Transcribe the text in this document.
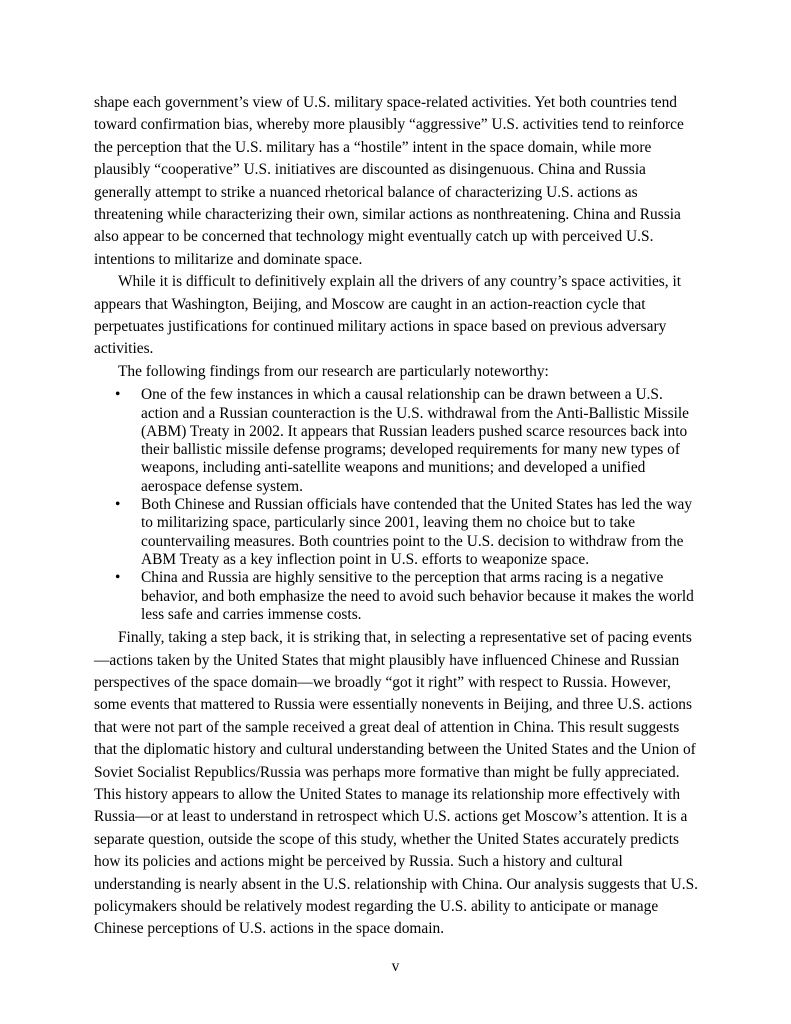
shape each government’s view of U.S. military space-related activities. Yet both countries tend toward confirmation bias, whereby more plausibly “aggressive” U.S. activities tend to reinforce the perception that the U.S. military has a “hostile” intent in the space domain, while more plausibly “cooperative” U.S. initiatives are discounted as disingenuous. China and Russia generally attempt to strike a nuanced rhetorical balance of characterizing U.S. actions as threatening while characterizing their own, similar actions as nonthreatening. China and Russia also appear to be concerned that technology might eventually catch up with perceived U.S. intentions to militarize and dominate space.

While it is difficult to definitively explain all the drivers of any country’s space activities, it appears that Washington, Beijing, and Moscow are caught in an action-reaction cycle that perpetuates justifications for continued military actions in space based on previous adversary activities.

The following findings from our research are particularly noteworthy:

• One of the few instances in which a causal relationship can be drawn between a U.S. action and a Russian counteraction is the U.S. withdrawal from the Anti-Ballistic Missile (ABM) Treaty in 2002. It appears that Russian leaders pushed scarce resources back into their ballistic missile defense programs; developed requirements for many new types of weapons, including anti-satellite weapons and munitions; and developed a unified aerospace defense system.
• Both Chinese and Russian officials have contended that the United States has led the way to militarizing space, particularly since 2001, leaving them no choice but to take countervailing measures. Both countries point to the U.S. decision to withdraw from the ABM Treaty as a key inflection point in U.S. efforts to weaponize space.
• China and Russia are highly sensitive to the perception that arms racing is a negative behavior, and both emphasize the need to avoid such behavior because it makes the world less safe and carries immense costs.

Finally, taking a step back, it is striking that, in selecting a representative set of pacing events—actions taken by the United States that might plausibly have influenced Chinese and Russian perspectives of the space domain—we broadly “got it right” with respect to Russia. However, some events that mattered to Russia were essentially nonevents in Beijing, and three U.S. actions that were not part of the sample received a great deal of attention in China. This result suggests that the diplomatic history and cultural understanding between the United States and the Union of Soviet Socialist Republics/Russia was perhaps more formative than might be fully appreciated. This history appears to allow the United States to manage its relationship more effectively with Russia—or at least to understand in retrospect which U.S. actions get Moscow’s attention. It is a separate question, outside the scope of this study, whether the United States accurately predicts how its policies and actions might be perceived by Russia. Such a history and cultural understanding is nearly absent in the U.S. relationship with China. Our analysis suggests that U.S. policymakers should be relatively modest regarding the U.S. ability to anticipate or manage Chinese perceptions of U.S. actions in the space domain.

v
